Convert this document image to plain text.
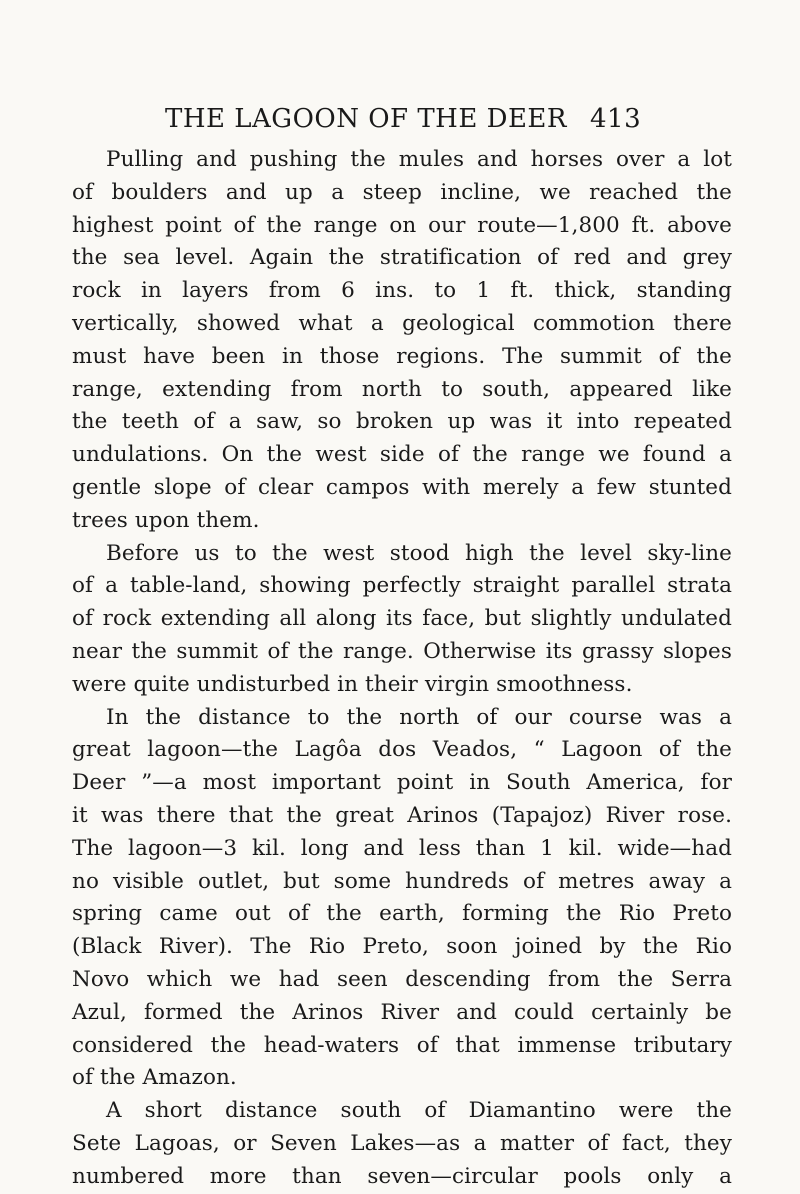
THE LAGOON OF THE DEER 413
Pulling and pushing the mules and horses over a lot
of boulders and up a steep incline, we reached the
highest point of the range on our route—1,800 ft. above
the sea level. Again the stratification of red and grey
rock in layers from 6 ins. to 1 ft. thick, standing
vertically, showed what a geological commotion there
must have been in those regions. The summit of the
range, extending from north to south, appeared like
the teeth of a saw, so broken up was it into repeated
undulations. On the west side of the range we found a
gentle slope of clear campos with merely a few stunted
trees upon them.
Before us to the west stood high the level sky-line
of a table-land, showing perfectly straight parallel strata
of rock extending all along its face, but slightly undulated
near the summit of the range. Otherwise its grassy slopes
were quite undisturbed in their virgin smoothness.
In the distance to the north of our course was a
great lagoon—the Lagôa dos Veados, “ Lagoon of the
Deer ”—a most important point in South America, for
it was there that the great Arinos (Tapajoz) River rose.
The lagoon—3 kil. long and less than 1 kil. wide—had
no visible outlet, but some hundreds of metres away a
spring came out of the earth, forming the Rio Preto
(Black River). The Rio Preto, soon joined by the Rio
Novo which we had seen descending from the Serra
Azul, formed the Arinos River and could certainly be
considered the head-waters of that immense tributary
of the Amazon.
A short distance south of Diamantino were the
Sete Lagoas, or Seven Lakes—as a matter of fact, they
numbered more than seven—circular pools only a
